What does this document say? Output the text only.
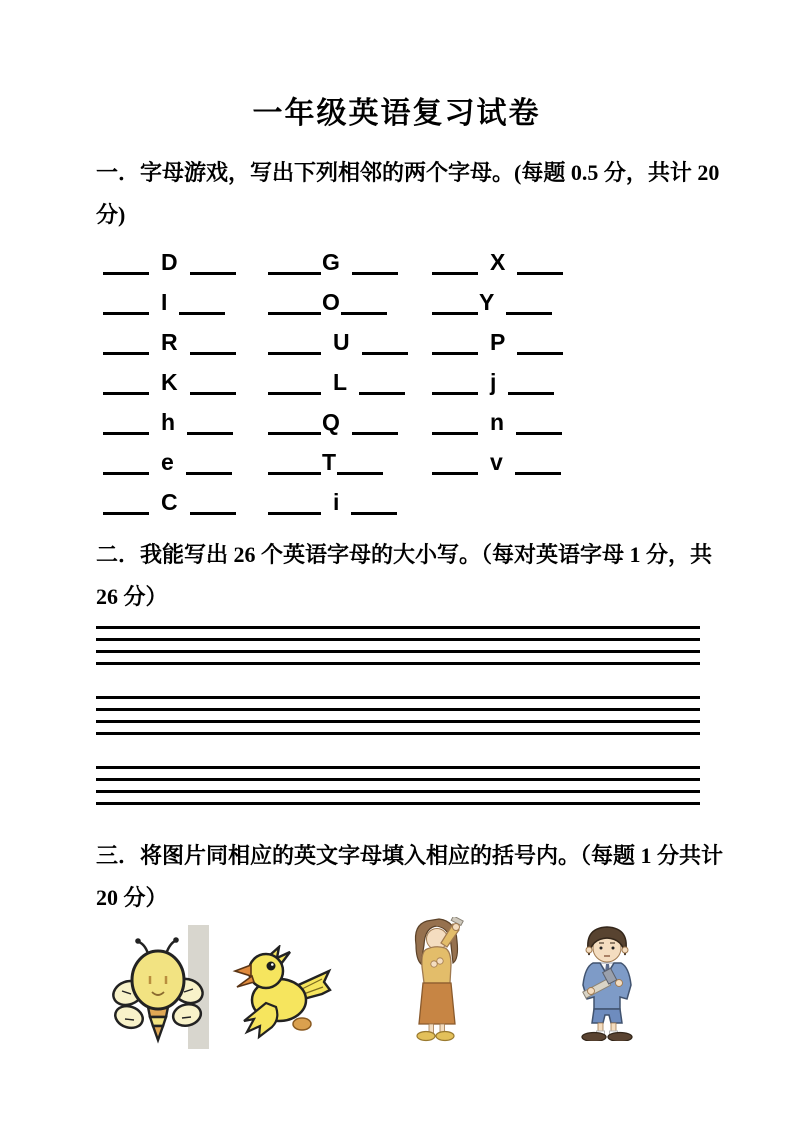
一年级英语复习试卷

一．字母游戏，写出下列相邻的两个字母。(每题 0.5 分，共计 20

分)

D	G	X
I	O	Y
R	U	P
K	L	j
h	Q	n
e	T	v
C	i

二．我能写出 26 个英语字母的大小写。（每对英语字母 1 分，共

26 分）

三．将图片同相应的英文字母填入相应的括号内。（每题 1 分共计

20 分）
